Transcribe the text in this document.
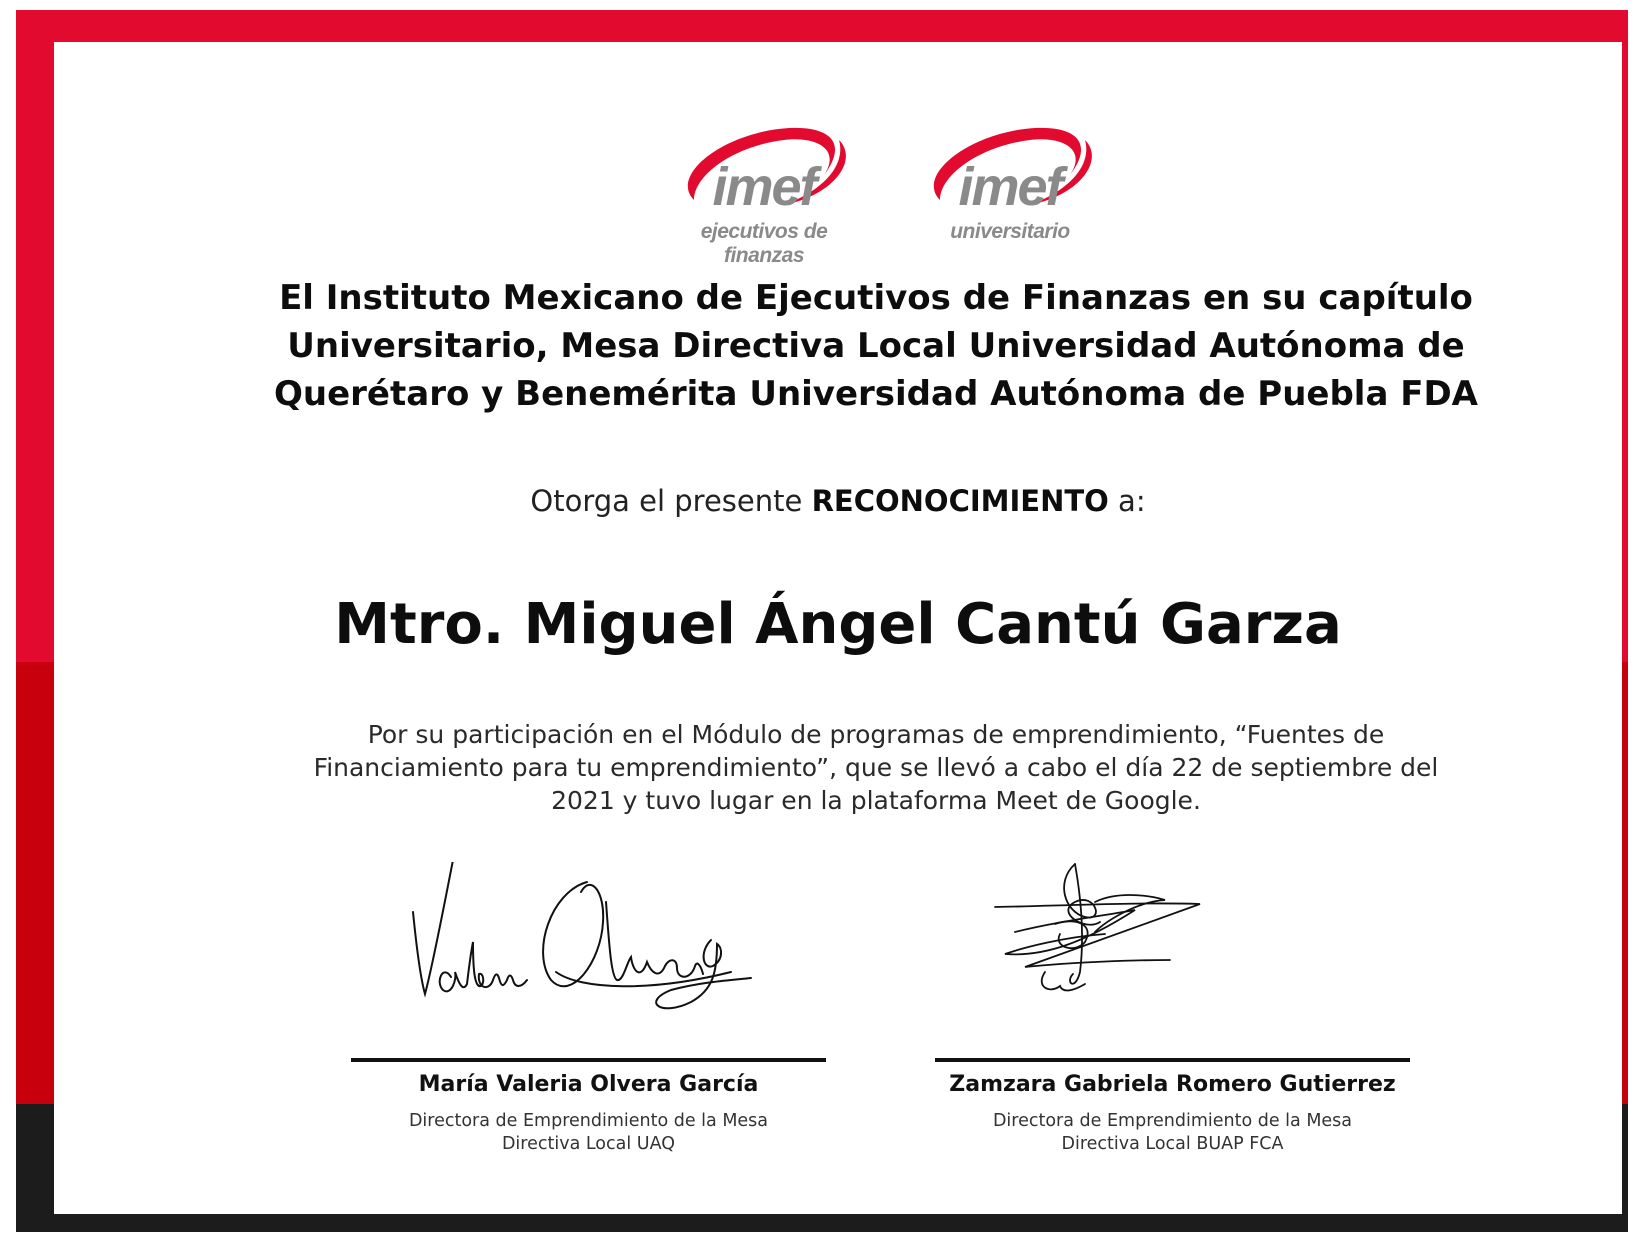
imef
ejecutivos de finanzas
imef
universitario
El Instituto Mexicano de Ejecutivos de Finanzas en su capítulo
Universitario, Mesa Directiva Local Universidad Autónoma de
Querétaro y Benemérita Universidad Autónoma de Puebla FDA
Otorga el presente RECONOCIMIENTO a:
Mtro. Miguel Ángel Cantú Garza
Por su participación en el Módulo de programas de emprendimiento, “Fuentes de
Financiamiento para tu emprendimiento”, que se llevó a cabo el día 22 de septiembre del
2021 y tuvo lugar en la plataforma Meet de Google.
María Valeria Olvera García
Directora de Emprendimiento de la Mesa
Directiva Local UAQ
Zamzara Gabriela Romero Gutierrez
Directora de Emprendimiento de la Mesa
Directiva Local BUAP FCA
